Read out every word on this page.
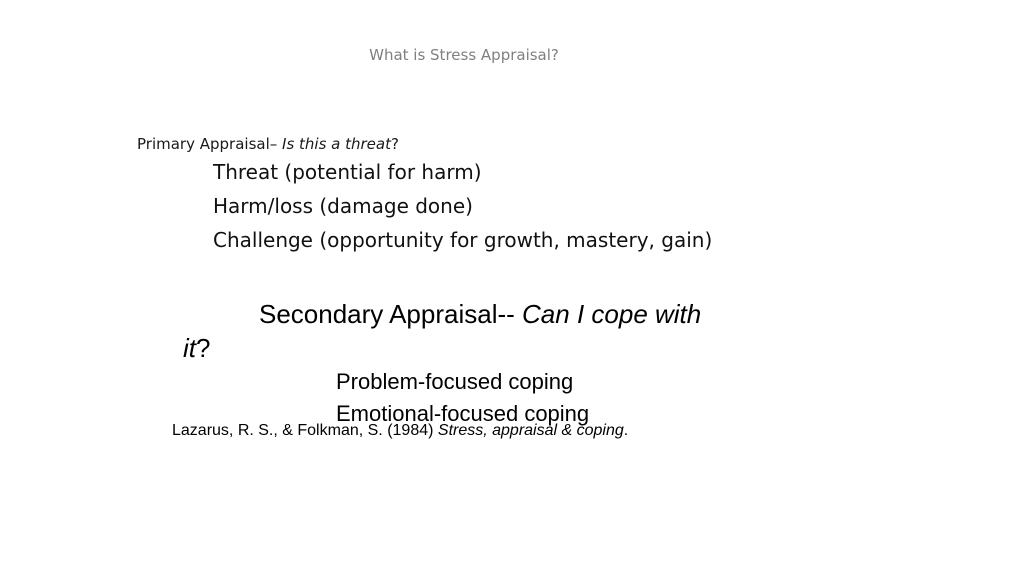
What is Stress Appraisal?
Primary Appraisal– Is this a threat?
Threat (potential for harm)
Harm/loss (damage done)
Challenge (opportunity for growth, mastery, gain)
Secondary Appraisal-- Can I cope with
it?
Problem-focused coping
Emotional-focused coping
Lazarus, R. S., & Folkman, S. (1984) Stress, appraisal & coping.
